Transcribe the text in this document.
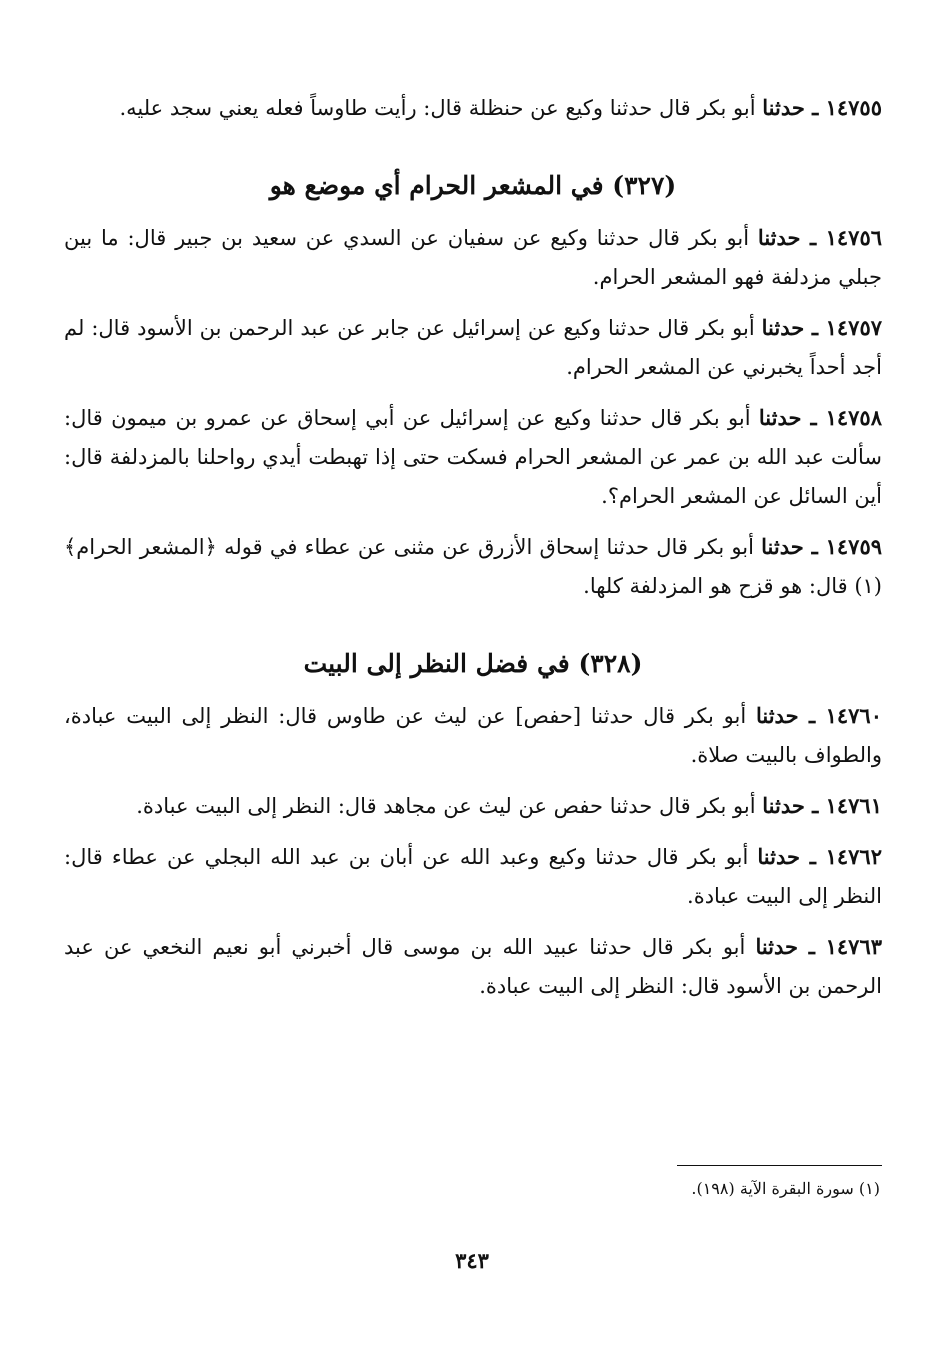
١٤٧٥٥ ـ حدثنا أبو بكر قال حدثنا وكيع عن حنظلة قال: رأيت طاوساً فعله يعني سجد عليه.

(٣٢٧) في المشعر الحرام أي موضع هو

١٤٧٥٦ ـ حدثنا أبو بكر قال حدثنا وكيع عن سفيان عن السدي عن سعيد بن جبير قال: ما بين جبلي مزدلفة فهو المشعر الحرام.

١٤٧٥٧ ـ حدثنا أبو بكر قال حدثنا وكيع عن إسرائيل عن جابر عن عبد الرحمن بن الأسود قال: لم أجد أحداً يخبرني عن المشعر الحرام.

١٤٧٥٨ ـ حدثنا أبو بكر قال حدثنا وكيع عن إسرائيل عن أبي إسحاق عن عمرو بن ميمون قال: سألت عبد الله بن عمر عن المشعر الحرام فسكت حتى إذا تهبطت أيدي رواحلنا بالمزدلفة قال: أين السائل عن المشعر الحرام؟.

١٤٧٥٩ ـ حدثنا أبو بكر قال حدثنا إسحاق الأزرق عن مثنى عن عطاء في قوله ﴿المشعر الحرام﴾(١) قال: هو قزح هو المزدلفة كلها.

(٣٢٨) في فضل النظر إلى البيت

١٤٧٦٠ ـ حدثنا أبو بكر قال حدثنا [حفص] عن ليث عن طاوس قال: النظر إلى البيت عبادة، والطواف بالبيت صلاة.

١٤٧٦١ ـ حدثنا أبو بكر قال حدثنا حفص عن ليث عن مجاهد قال: النظر إلى البيت عبادة.

١٤٧٦٢ ـ حدثنا أبو بكر قال حدثنا وكيع وعبد الله عن أبان بن عبد الله البجلي عن عطاء قال: النظر إلى البيت عبادة.

١٤٧٦٣ ـ حدثنا أبو بكر قال حدثنا عبيد الله بن موسى قال أخبرني أبو نعيم النخعي عن عبد الرحمن بن الأسود قال: النظر إلى البيت عبادة.

(١) سورة البقرة الآية (١٩٨).
٣٤٣
